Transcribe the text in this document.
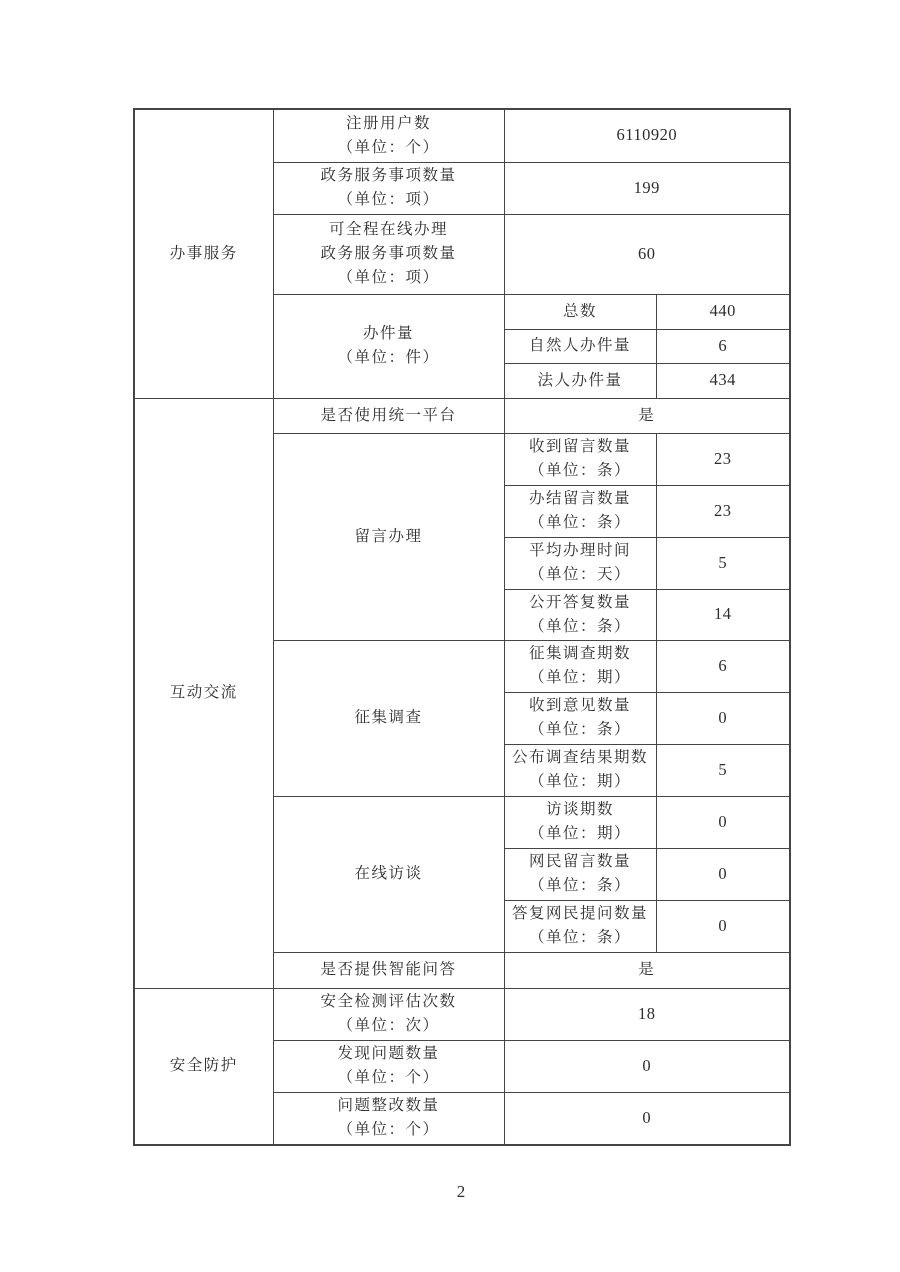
办事服务	注册用户数
（单位：个）	6110920	

	政务服务事项数量
（单位：项）	199	

	可全程在线办理
政务服务事项数量
（单位：项）	60	

	办件量
（单位：件）	总数	440

		自然人办件量	6

		法人办件量	434

互动交流	是否使用统一平台	是	

	留言办理	收到留言数量
（单位：条）	23

		办结留言数量
（单位：条）	23

		平均办理时间
（单位：天）	5

		公开答复数量
（单位：条）	14

	征集调查	征集调查期数
（单位：期）	6

		收到意见数量
（单位：条）	0

		公布调查结果期数
（单位：期）	5

	在线访谈	访谈期数
（单位：期）	0

		网民留言数量
（单位：条）	0

		答复网民提问数量
（单位：条）	0

	是否提供智能问答	是	

安全防护	安全检测评估次数
（单位：次）	18	

	发现问题数量
（单位：个）	0	

	问题整改数量
（单位：个）	0	
2
